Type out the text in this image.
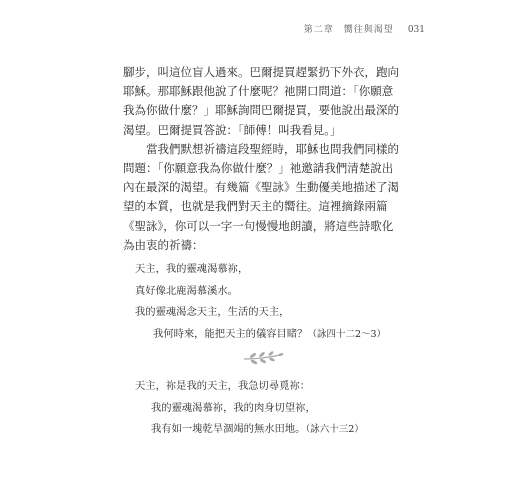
第二章　嚮往與渴望 031

腳步，叫這位盲人過來。巴爾提買趕緊扔下外衣，跑向耶穌。那耶穌跟他說了什麼呢？祂開口問道：「你願意我為你做什麼？」耶穌詢問巴爾提買，要他說出最深的渴望。巴爾提買答說：「師傅！叫我看見。」

當我們默想祈禱這段聖經時，耶穌也問我們同樣的問題：「你願意我為你做什麼？」祂邀請我們清楚說出內在最深的渴望。有幾篇《聖詠》生動優美地描述了渴望的本質，也就是我們對天主的嚮往。這裡摘錄兩篇《聖詠》，你可以一字一句慢慢地朗讀，將這些詩歌化為由衷的祈禱：

天主，我的靈魂渴慕祢，
真好像北鹿渴慕溪水。
我的靈魂渴念天主，生活的天主，
我何時來，能把天主的儀容目睹？（詠四十二2～3）
天主，祢是我的天主，我急切尋覓祢：
我的靈魂渴慕祢，我的肉身切望祢，
我有如一塊乾旱涸竭的無水田地。（詠六十三2）
